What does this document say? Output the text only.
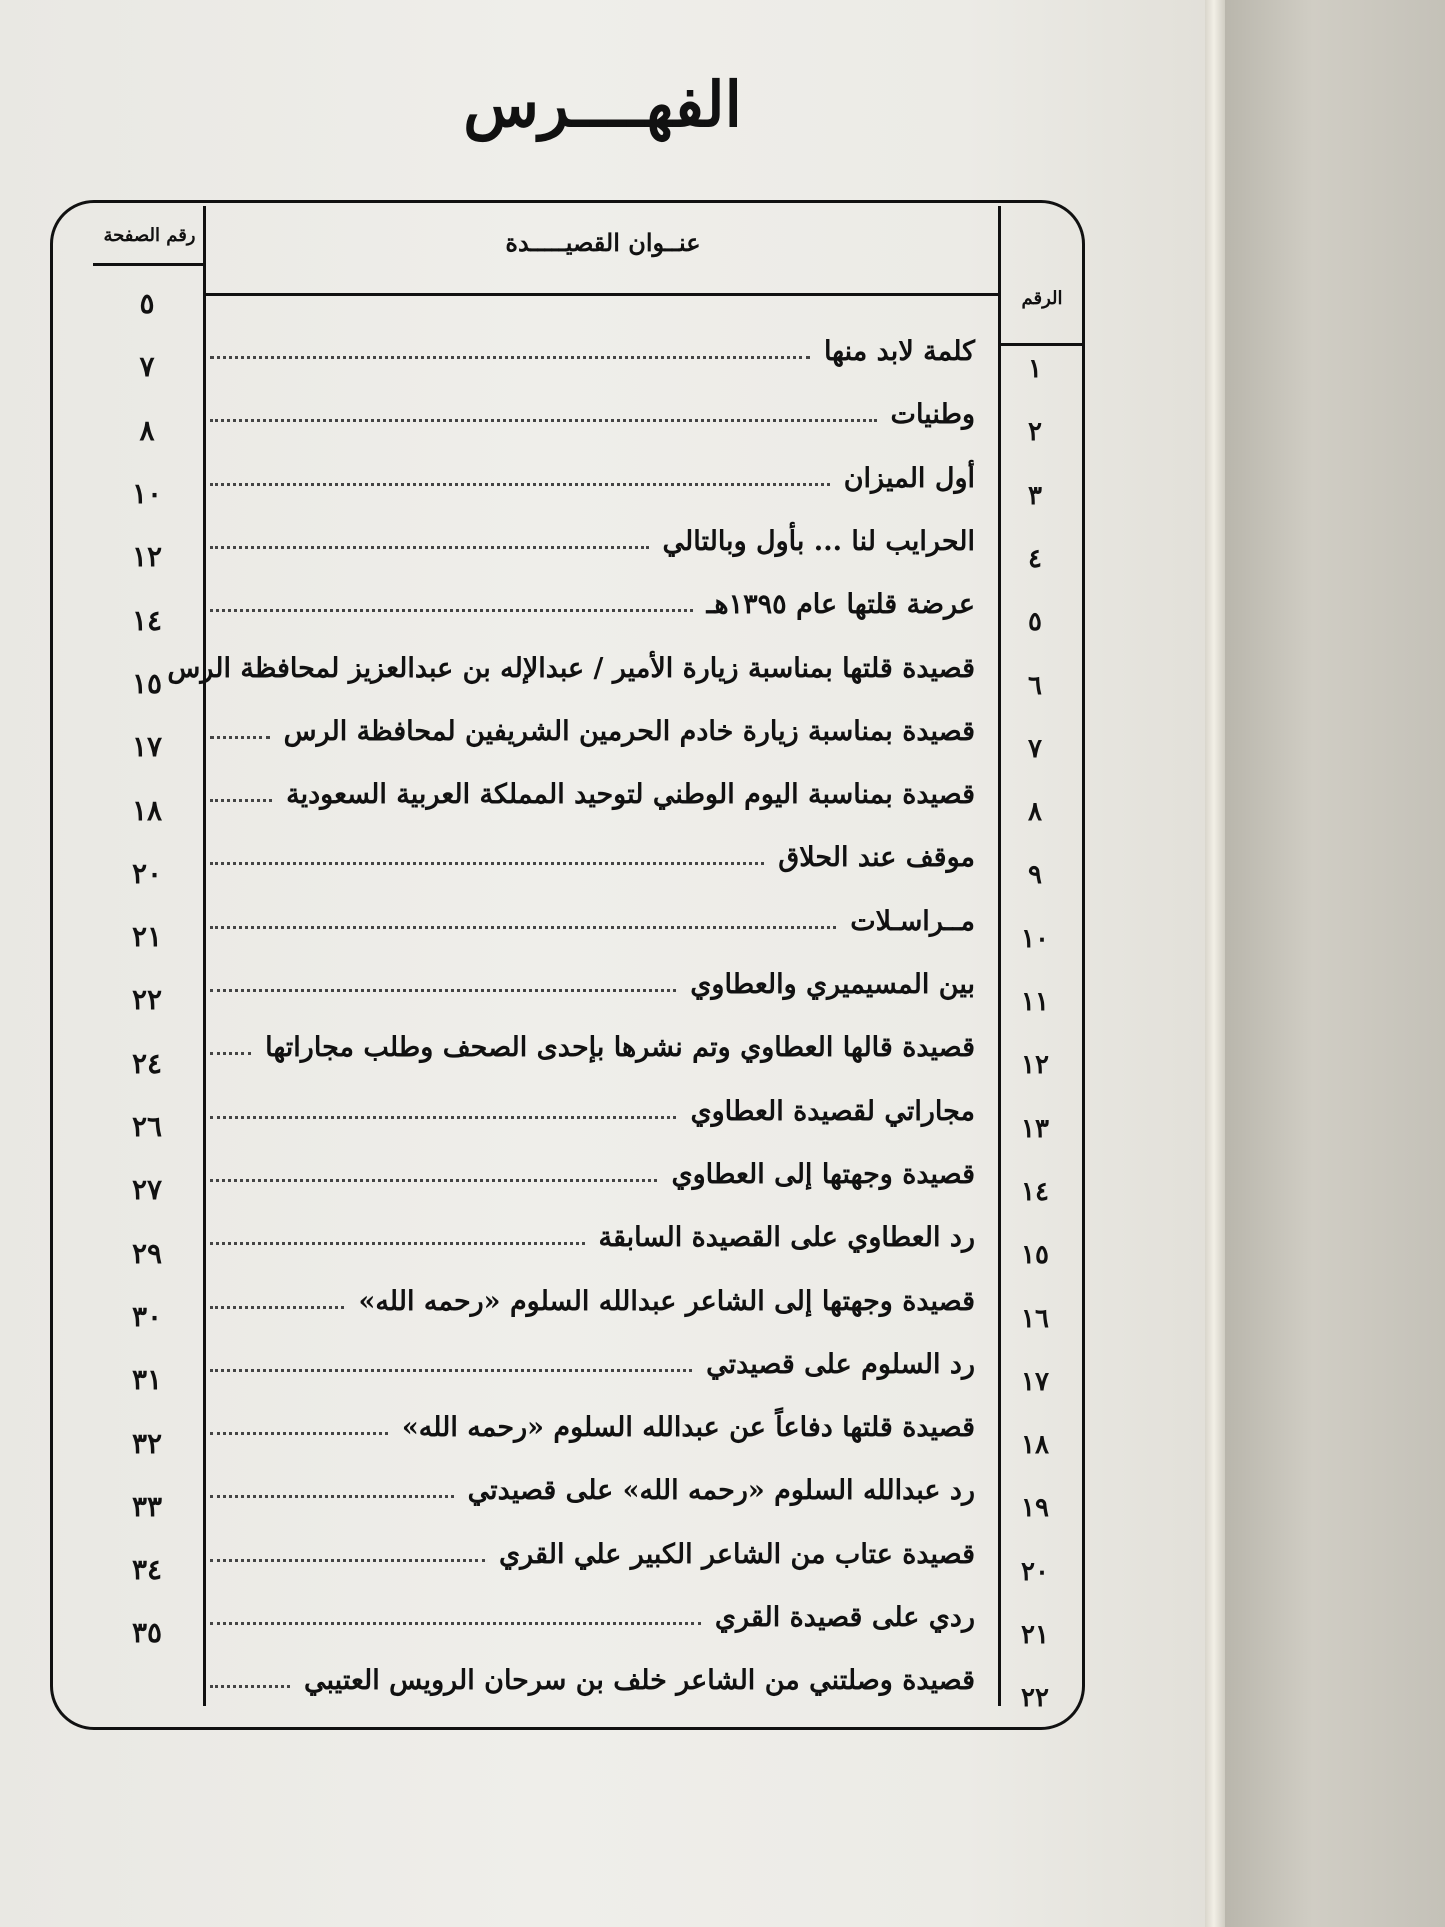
الفهــــرس
عنــوان القصيـــــدة
رقم الصفحة
الرقم
١
كلمة لابد منها
٥
٢
وطنيات
٧
٣
أول الميزان
٨
٤
الحرايب لنا ... بأول وبالتالي
١٠
٥
عرضة قلتها عام ١٣٩٥هـ
١٢
٦
قصيدة قلتها بمناسبة زيارة الأمير / عبدالإله بن عبدالعزيز لمحافظة الرس
١٤
٧
قصيدة بمناسبة زيارة خادم الحرمين الشريفين لمحافظة الرس
١٥
٨
قصيدة بمناسبة اليوم الوطني لتوحيد المملكة العربية السعودية
١٧
٩
موقف عند الحلاق
١٨
١٠
مــراسـلات
٢٠
١١
بين المسيميري والعطاوي
٢١
١٢
قصيدة قالها العطاوي وتم نشرها بإحدى الصحف وطلب مجاراتها
٢٢
١٣
مجاراتي لقصيدة العطاوي
٢٤
١٤
قصيدة وجهتها إلى العطاوي
٢٦
١٥
رد العطاوي على القصيدة السابقة
٢٧
١٦
قصيدة وجهتها إلى الشاعر عبدالله السلوم «رحمه الله»
٢٩
١٧
رد السلوم على قصيدتي
٣٠
١٨
قصيدة قلتها دفاعاً عن عبدالله السلوم «رحمه الله»
٣١
١٩
رد عبدالله السلوم «رحمه الله» على قصيدتي
٣٢
٢٠
قصيدة عتاب من الشاعر الكبير علي القري
٣٣
٢١
ردي على قصيدة القري
٣٤
٢٢
قصيدة وصلتني من الشاعر خلف بن سرحان الرويس العتيبي
٣٥
